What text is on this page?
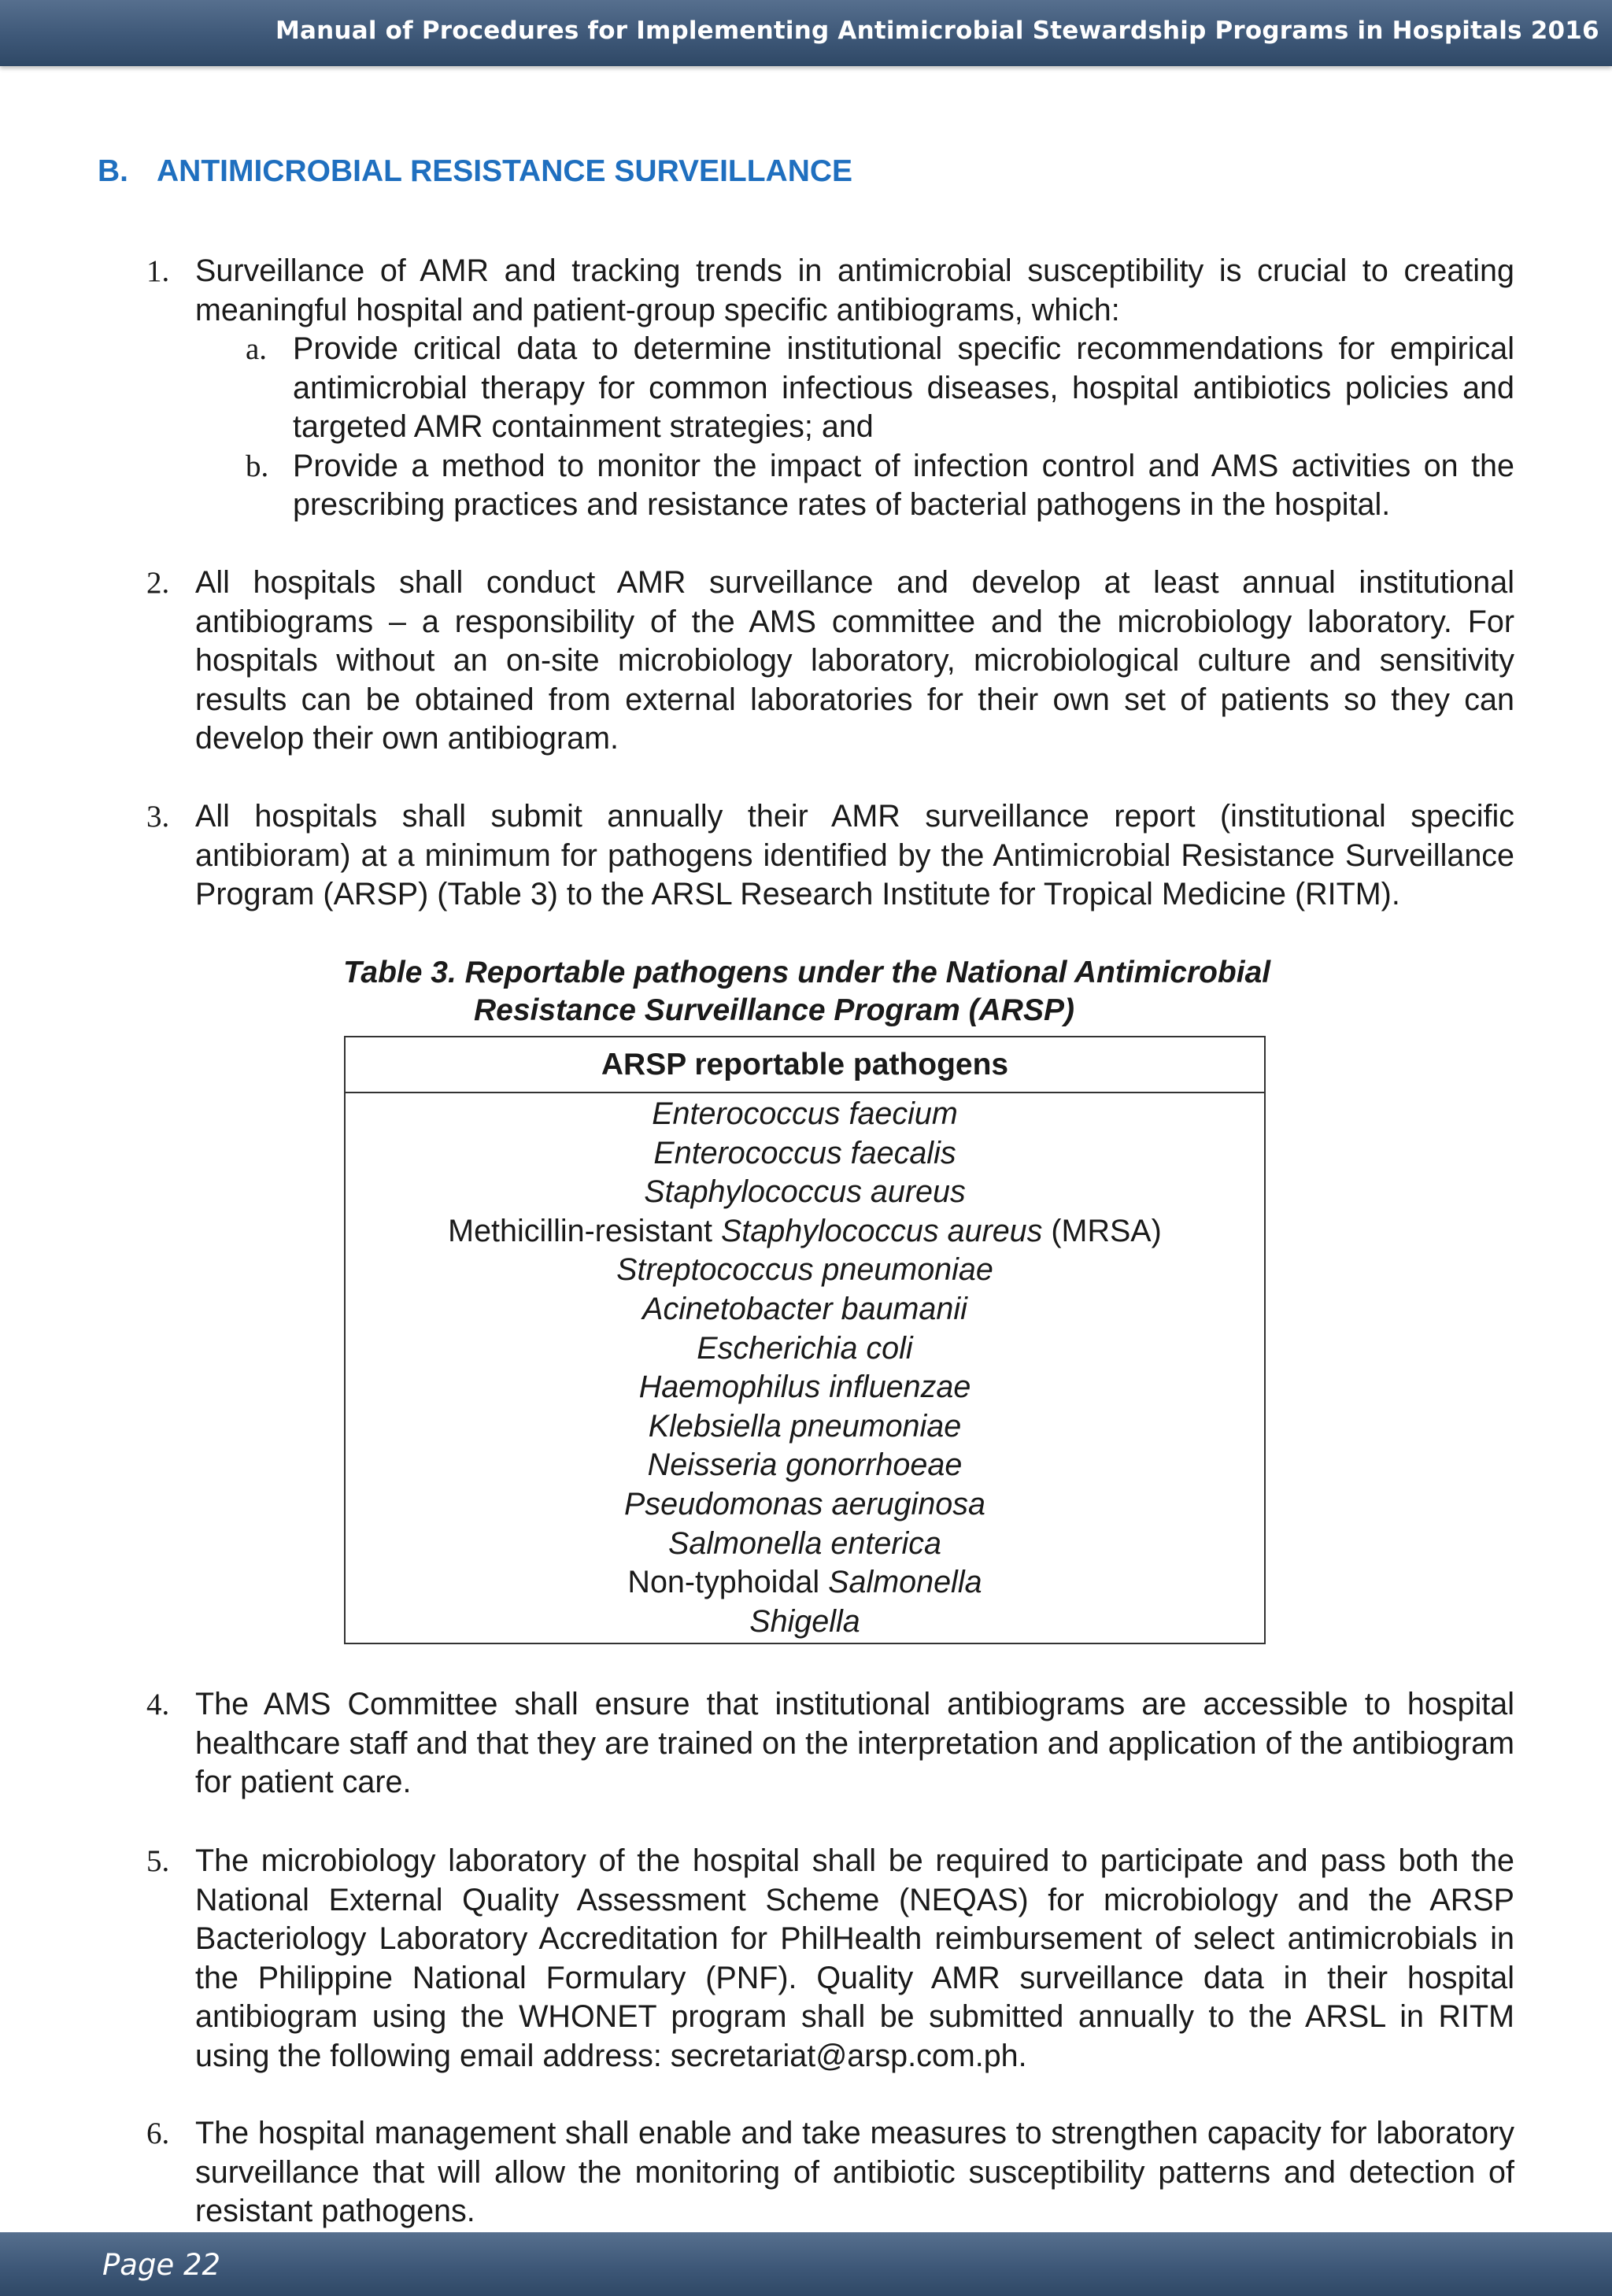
Manual of Procedures for Implementing Antimicrobial Stewardship Programs in Hospitals 2016
B. ANTIMICROBIAL RESISTANCE SURVEILLANCE
1. Surveillance of AMR and tracking trends in antimicrobial susceptibility is crucial to creating meaningful hospital and patient-group specific antibiograms, which:
a. Provide critical data to determine institutional specific recommendations for empirical antimicrobial therapy for common infectious diseases, hospital antibiotics policies and targeted AMR containment strategies; and
b. Provide a method to monitor the impact of infection control and AMS activities on the prescribing practices and resistance rates of bacterial pathogens in the hospital.
2. All hospitals shall conduct AMR surveillance and develop at least annual institutional antibiograms – a responsibility of the AMS committee and the microbiology laboratory. For hospitals without an on-site microbiology laboratory, microbiological culture and sensitivity results can be obtained from external laboratories for their own set of patients so they can develop their own antibiogram.
3. All hospitals shall submit annually their AMR surveillance report (institutional specific antibioram) at a minimum for pathogens identified by the Antimicrobial Resistance Surveillance Program (ARSP) (Table 3) to the ARSL Research Institute for Tropical Medicine (RITM).
Table 3. Reportable pathogens under the National Antimicrobial
Resistance Surveillance Program (ARSP)
ARSP reportable pathogens
Enterococcus faecium
Enterococcus faecalis
Staphylococcus aureus
Methicillin-resistant Staphylococcus aureus (MRSA)
Streptococcus pneumoniae
Acinetobacter baumanii
Escherichia coli
Haemophilus influenzae
Klebsiella pneumoniae
Neisseria gonorrhoeae
Pseudomonas aeruginosa
Salmonella enterica
Non-typhoidal Salmonella
Shigella
4. The AMS Committee shall ensure that institutional antibiograms are accessible to hospital healthcare staff and that they are trained on the interpretation and application of the antibiogram for patient care.
5. The microbiology laboratory of the hospital shall be required to participate and pass both the National External Quality Assessment Scheme (NEQAS) for microbiology and the ARSP Bacteriology Laboratory Accreditation for PhilHealth reimbursement of select antimicrobials in the Philippine National Formulary (PNF). Quality AMR surveillance data in their hospital antibiogram using the WHONET program shall be submitted annually to the ARSL in RITM using the following email address: secretariat@arsp.com.ph.
6. The hospital management shall enable and take measures to strengthen capacity for laboratory surveillance that will allow the monitoring of antibiotic susceptibility patterns and detection of resistant pathogens.
Page 22
